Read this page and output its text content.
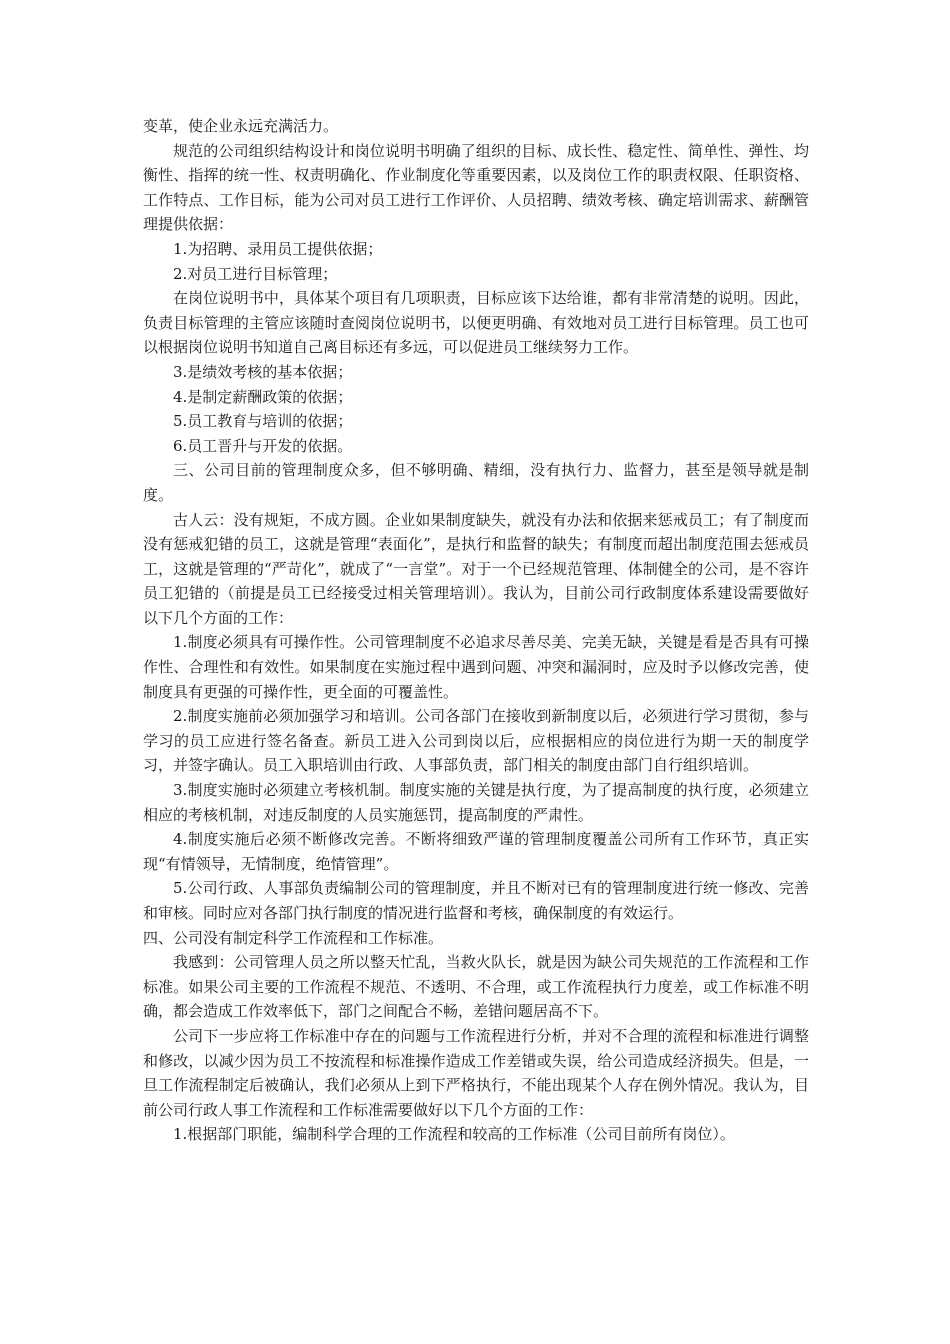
变革，使企业永远充满活力。

规范的公司组织结构设计和岗位说明书明确了组织的目标、成长性、稳定性、简单性、弹性、均衡性、指挥的统一性、权责明确化、作业制度化等重要因素，以及岗位工作的职责权限、任职资格、工作特点、工作目标，能为公司对员工进行工作评价、人员招聘、绩效考核、确定培训需求、薪酬管理提供依据：

1.为招聘、录用员工提供依据；

2.对员工进行目标管理；

在岗位说明书中，具体某个项目有几项职责，目标应该下达给谁，都有非常清楚的说明。因此，负责目标管理的主管应该随时查阅岗位说明书，以便更明确、有效地对员工进行目标管理。员工也可以根据岗位说明书知道自己离目标还有多远，可以促进员工继续努力工作。

3.是绩效考核的基本依据；

4.是制定薪酬政策的依据；

5.员工教育与培训的依据；

6.员工晋升与开发的依据。

三、公司目前的管理制度众多，但不够明确、精细，没有执行力、监督力，甚至是领导就是制度。

古人云：没有规矩，不成方圆。企业如果制度缺失，就没有办法和依据来惩戒员工；有了制度而没有惩戒犯错的员工，这就是管理“表面化”，是执行和监督的缺失；有制度而超出制度范围去惩戒员工，这就是管理的“严苛化”，就成了“一言堂”。对于一个已经规范管理、体制健全的公司，是不容许员工犯错的（前提是员工已经接受过相关管理培训）。我认为，目前公司行政制度体系建设需要做好以下几个方面的工作：

1.制度必须具有可操作性。公司管理制度不必追求尽善尽美、完美无缺，关键是看是否具有可操作性、合理性和有效性。如果制度在实施过程中遇到问题、冲突和漏洞时，应及时予以修改完善，使制度具有更强的可操作性，更全面的可覆盖性。

2.制度实施前必须加强学习和培训。公司各部门在接收到新制度以后，必须进行学习贯彻，参与学习的员工应进行签名备查。新员工进入公司到岗以后，应根据相应的岗位进行为期一天的制度学习，并签字确认。员工入职培训由行政、人事部负责，部门相关的制度由部门自行组织培训。

3.制度实施时必须建立考核机制。制度实施的关键是执行度，为了提高制度的执行度，必须建立相应的考核机制，对违反制度的人员实施惩罚，提高制度的严肃性。

4.制度实施后必须不断修改完善。不断将细致严谨的管理制度覆盖公司所有工作环节，真正实现“有情领导，无情制度，绝情管理”。

5.公司行政、人事部负责编制公司的管理制度，并且不断对已有的管理制度进行统一修改、完善和审核。同时应对各部门执行制度的情况进行监督和考核，确保制度的有效运行。

四、公司没有制定科学工作流程和工作标准。

我感到：公司管理人员之所以整天忙乱，当救火队长，就是因为缺公司失规范的工作流程和工作标准。如果公司主要的工作流程不规范、不透明、不合理，或工作流程执行力度差，或工作标准不明确，都会造成工作效率低下，部门之间配合不畅，差错问题居高不下。

公司下一步应将工作标准中存在的问题与工作流程进行分析，并对不合理的流程和标准进行调整和修改，以减少因为员工不按流程和标准操作造成工作差错或失误，给公司造成经济损失。但是，一旦工作流程制定后被确认，我们必须从上到下严格执行，不能出现某个人存在例外情况。我认为，目前公司行政人事工作流程和工作标准需要做好以下几个方面的工作：

1.根据部门职能，编制科学合理的工作流程和较高的工作标准（公司目前所有岗位）。
